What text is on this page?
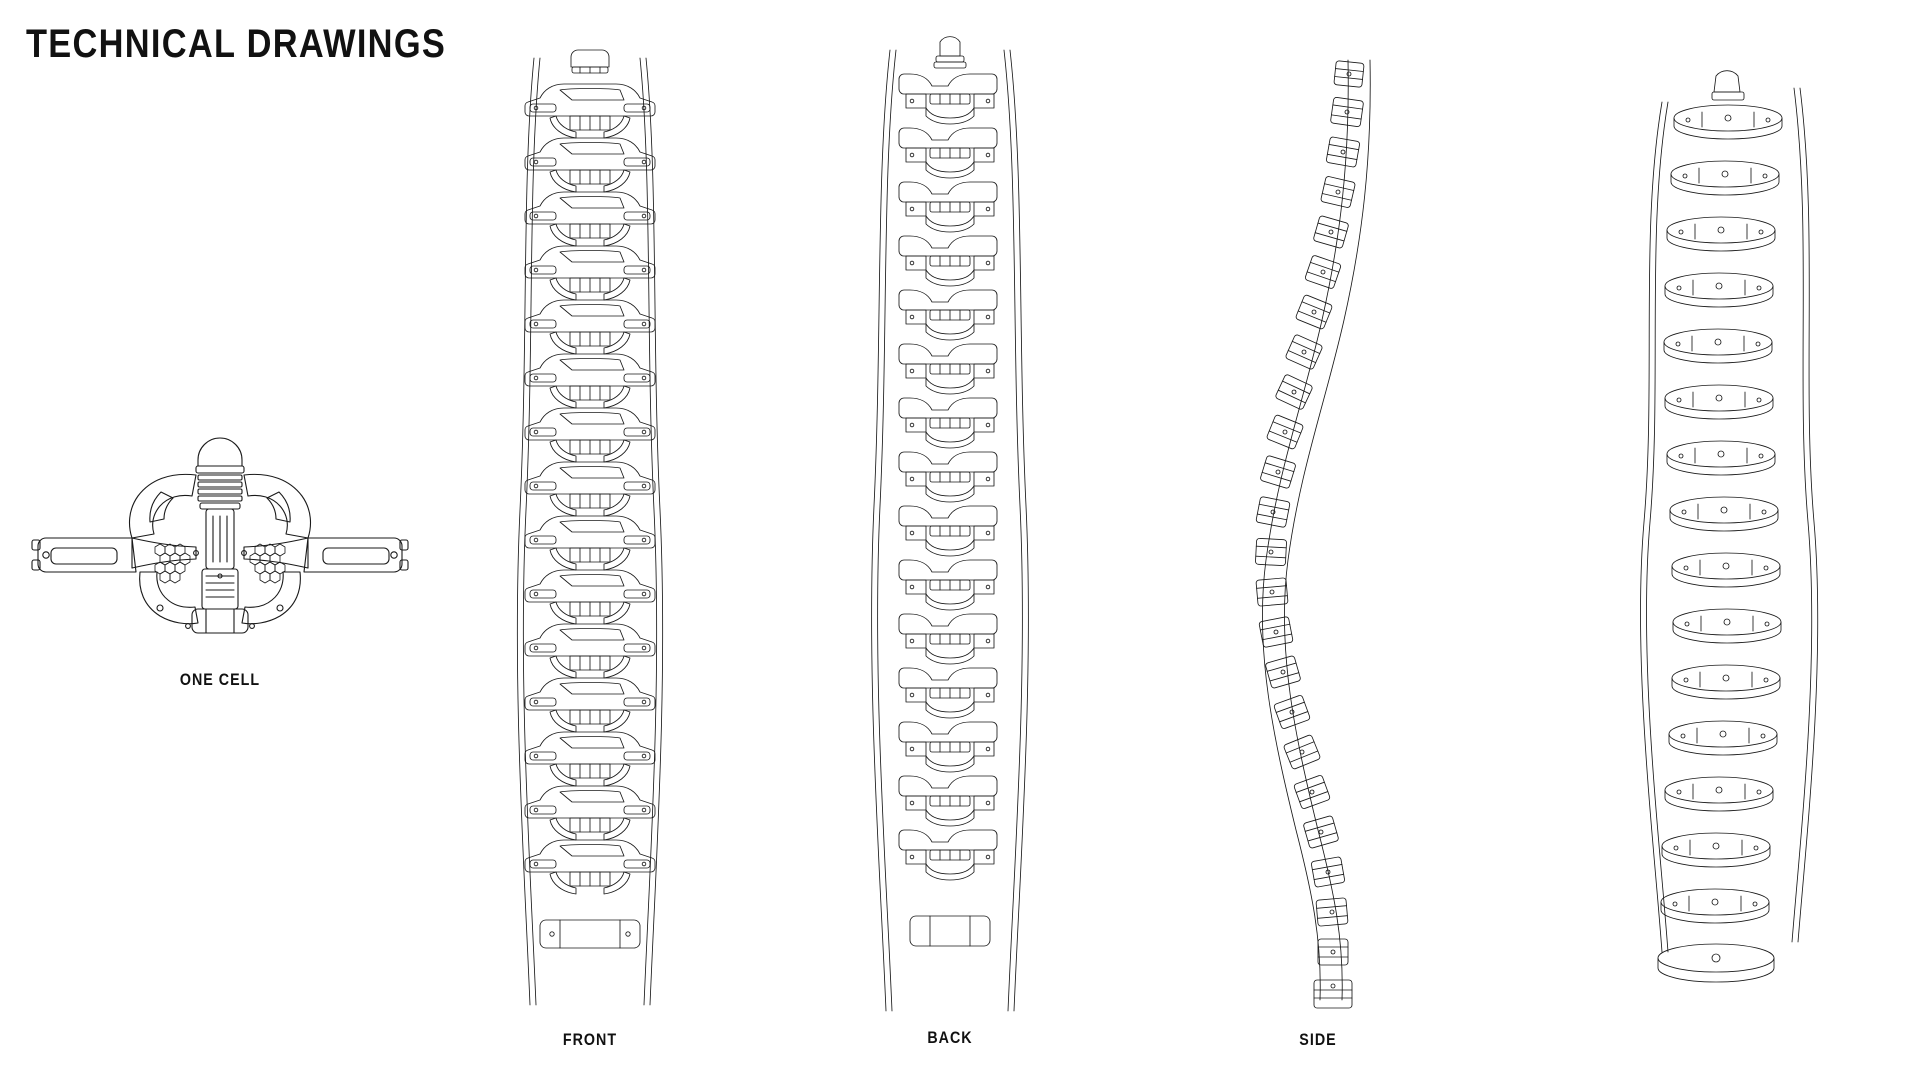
TECHNICAL DRAWINGS
ONE CELL
FRONT	BACK	SIDE
